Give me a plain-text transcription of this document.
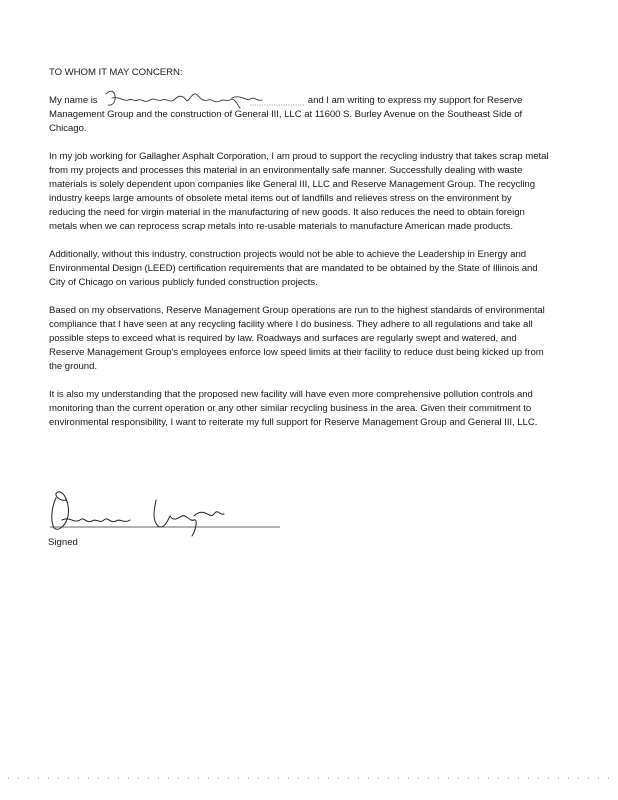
TO WHOM IT MAY CONCERN:

My name is	and I am writing to express my support for Reserve Management Group and the construction of General III, LLC at 11600 S. Burley Avenue on the Southeast Side of Chicago.

In my job working for Gallagher Asphalt Corporation, I am proud to support the recycling industry that takes scrap metal from my projects and processes this material in an environmentally safe manner. Successfully dealing with waste materials is solely dependent upon companies like General III, LLC and Reserve Management Group. The recycling industry keeps large amounts of obsolete metal items out of landfills and relieves stress on the environment by reducing the need for virgin material in the manufacturing of new goods. It also reduces the need to obtain foreign metals when we can reprocess scrap metals into re-usable materials to manufacture American made products.

Additionally, without this industry, construction projects would not be able to achieve the Leadership in Energy and Environmental Design (LEED) certification requirements that are mandated to be obtained by the State of Illinois and City of Chicago on various publicly funded construction projects.

Based on my observations, Reserve Management Group operations are run to the highest standards of environmental compliance that I have seen at any recycling facility where I do business. They adhere to all regulations and take all possible steps to exceed what is required by law. Roadways and surfaces are regularly swept and watered, and Reserve Management Group's employees enforce low speed limits at their facility to reduce dust being kicked up from the ground.

It is also my understanding that the proposed new facility will have even more comprehensive pollution controls and monitoring than the current operation or any other similar recycling business in the area. Given their commitment to environmental responsibility, I want to reiterate my full support for Reserve Management Group and General III, LLC.

Signed
